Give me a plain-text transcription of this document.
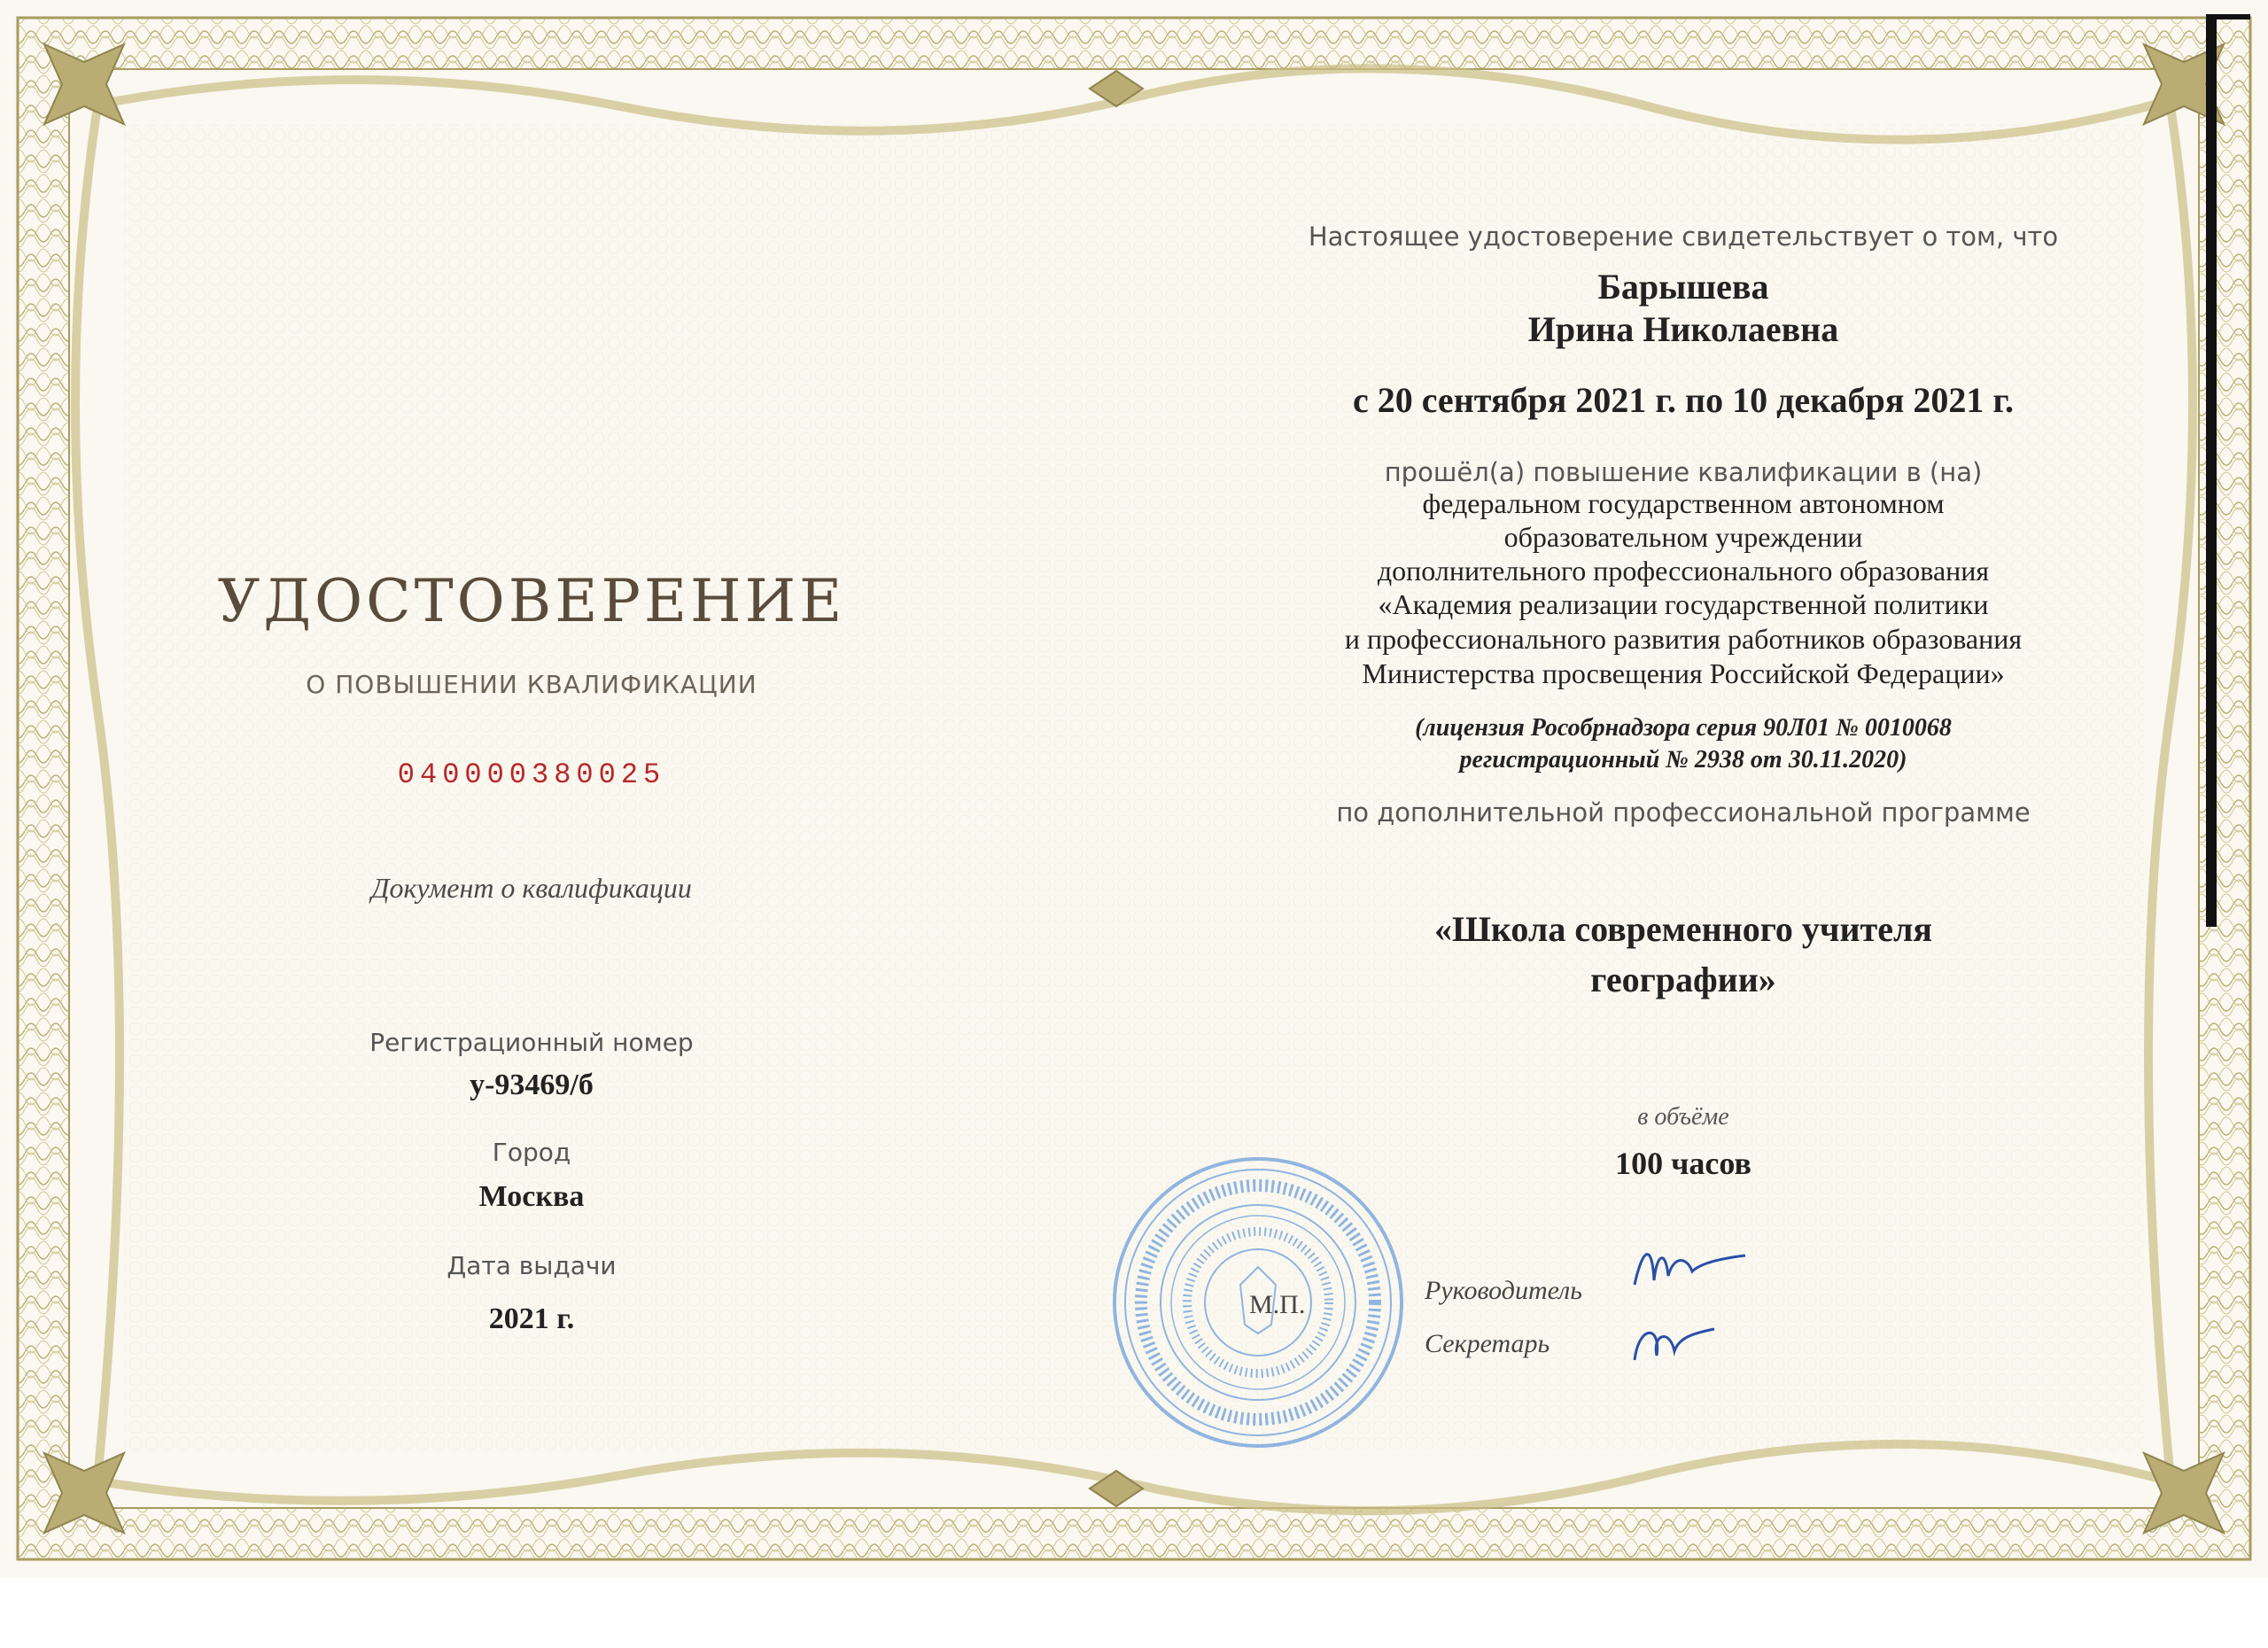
УДОСТОВЕРЕНИЕ

О ПОВЫШЕНИИ КВАЛИФИКАЦИИ

040000380025

Документ о квалификации

Регистрационный номер

у-93469/б

Город

Москва

Дата выдачи

2021 г.

Настоящее удостоверение свидетельствует о том, что

Барышева

Ирина Николаевна

с 20 сентября 2021 г. по 10 декабря 2021 г.

прошёл(а) повышение квалификации в (на)

федеральном государственном автономном

образовательном учреждении

дополнительного профессионального образования

«Академия реализации государственной политики

и профессионального развития работников образования

Министерства просвещения Российской Федерации»

(лицензия Рособрнадзора серия 90Л01 № 0010068

регистрационный № 2938 от 30.11.2020)

по дополнительной профессиональной программе

«Школа современного учителя

географии»

в объёме

100 часов

М.П.	Руководитель

Секретарь
